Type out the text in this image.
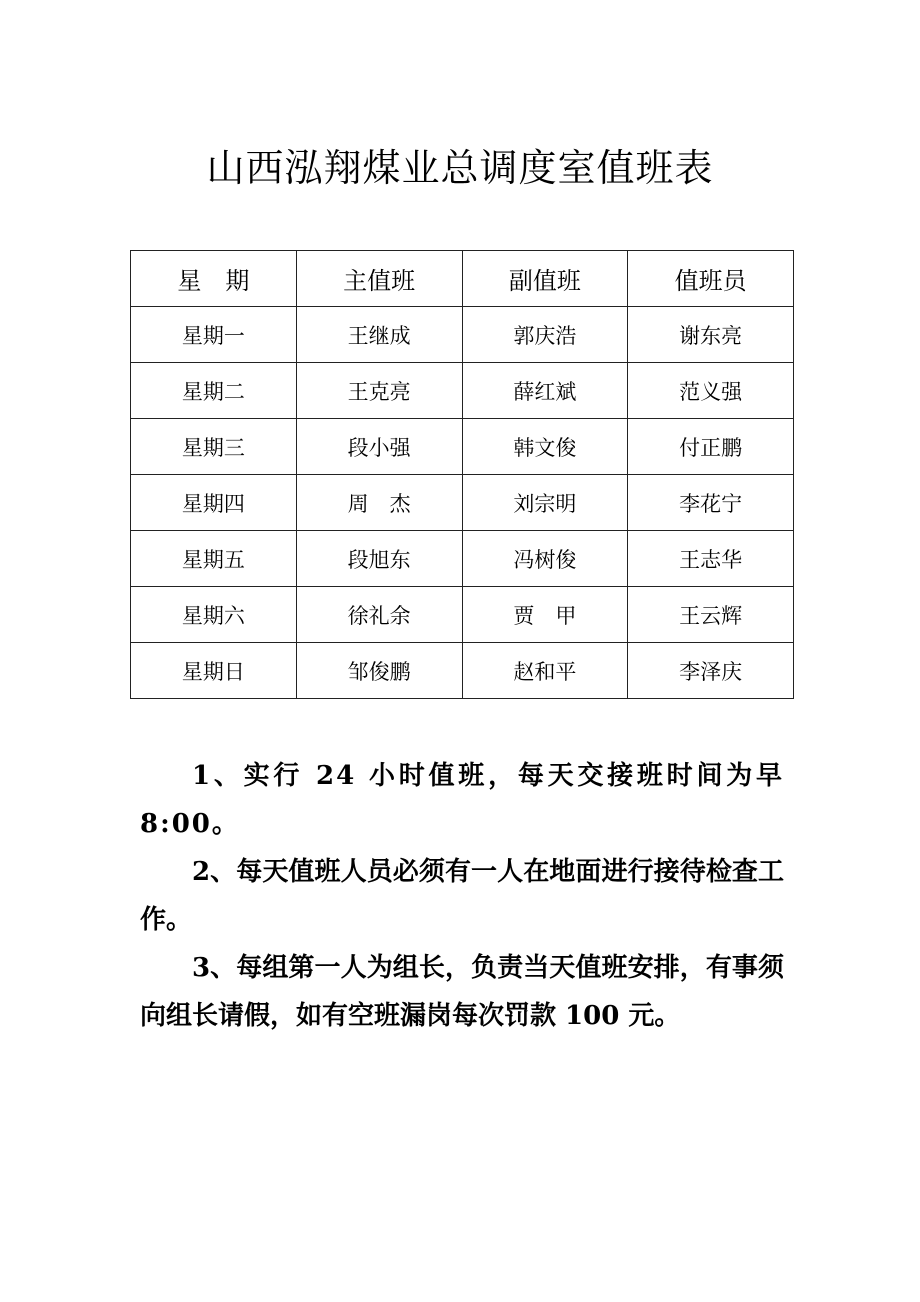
山西泓翔煤业总调度室值班表
星　期	主值班	副值班	值班员
星期一	王继成	郭庆浩	谢东亮
星期二	王克亮	薛红斌	范义强
星期三	段小强	韩文俊	付正鹏
星期四	周　杰	刘宗明	李花宁
星期五	段旭东	冯树俊	王志华
星期六	徐礼余	贾　甲	王云辉
星期日	邹俊鹏	赵和平	李泽庆

1、实行 24 小时值班，每天交接班时间为早 8:00。

2、每天值班人员必须有一人在地面进行接待检查工作。

3、每组第一人为组长，负责当天值班安排，有事须向组长请假，如有空班漏岗每次罚款 100 元。
